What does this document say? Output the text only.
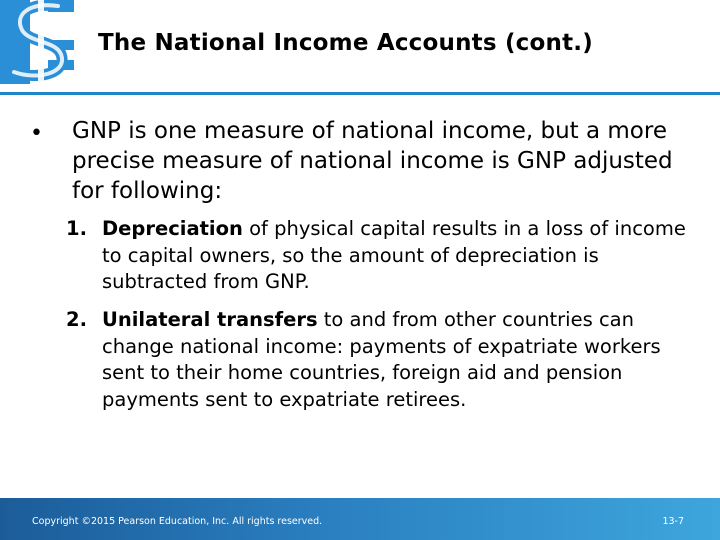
The National Income Accounts (cont.)
• GNP is one measure of national income, but a more precise measure of national income is GNP adjusted for following:
1. Depreciation of physical capital results in a loss of income to capital owners, so the amount of depreciation is subtracted from GNP.
2. Unilateral transfers to and from other countries can change national income: payments of expatriate workers sent to their home countries, foreign aid and pension payments sent to expatriate retirees.
Copyright ©2015 Pearson Education, Inc. All rights reserved.	13-7
